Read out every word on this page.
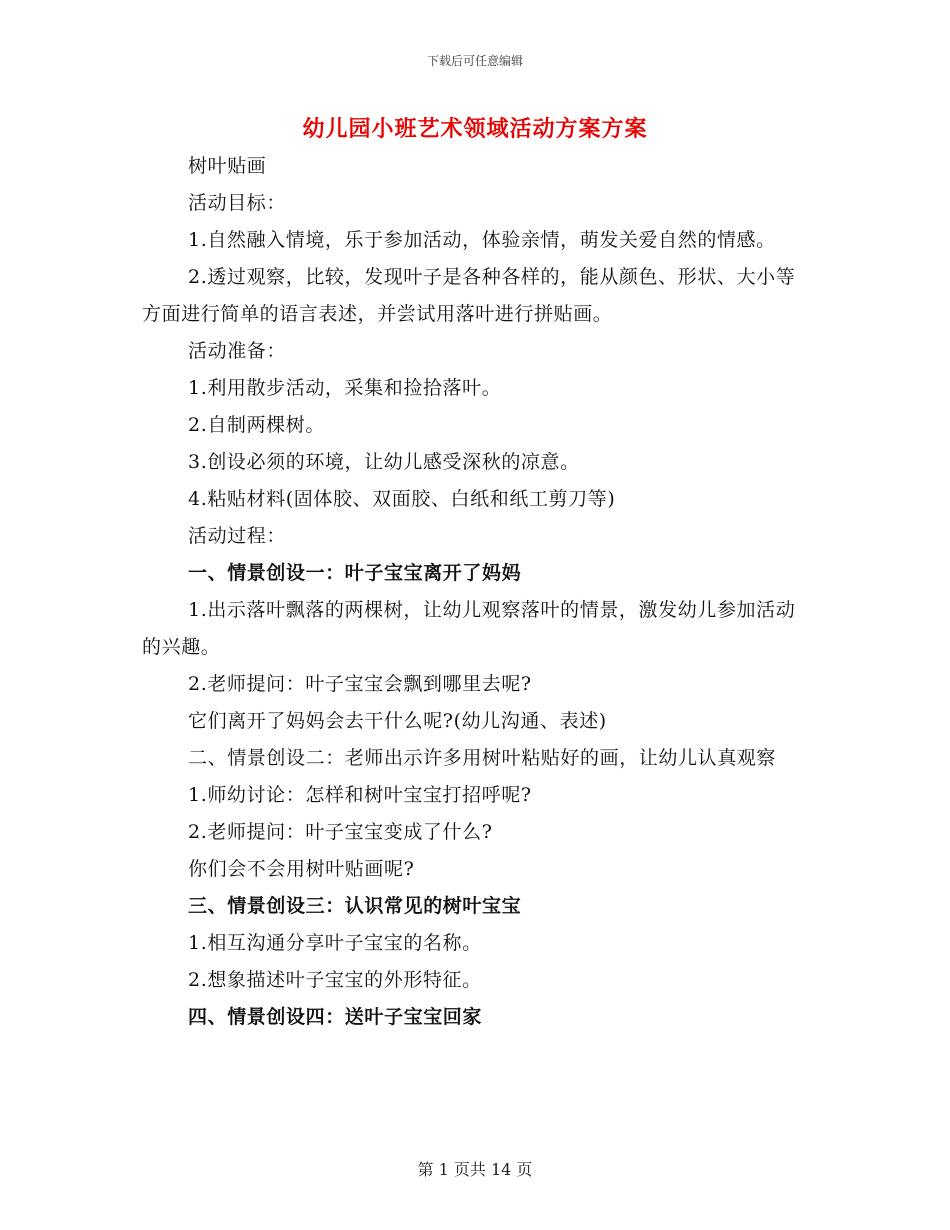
下载后可任意编辑
幼儿园小班艺术领域活动方案方案

树叶贴画

活动目标：

1.自然融入情境，乐于参加活动，体验亲情，萌发关爱自然的情感。

2.透过观察，比较，发现叶子是各种各样的，能从颜色、形状、大小等方面进行简单的语言表述，并尝试用落叶进行拼贴画。

活动准备：

1.利用散步活动，采集和捡拾落叶。

2.自制两棵树。

3.创设必须的环境，让幼儿感受深秋的凉意。

4.粘贴材料(固体胶、双面胶、白纸和纸工剪刀等)

活动过程：

一、情景创设一：叶子宝宝离开了妈妈

1.出示落叶飘落的两棵树，让幼儿观察落叶的情景，激发幼儿参加活动的兴趣。

2.老师提问：叶子宝宝会飘到哪里去呢?

它们离开了妈妈会去干什么呢?(幼儿沟通、表述)

二、情景创设二：老师出示许多用树叶粘贴好的画，让幼儿认真观察

1.师幼讨论：怎样和树叶宝宝打招呼呢?

2.老师提问：叶子宝宝变成了什么?

你们会不会用树叶贴画呢?

三、情景创设三：认识常见的树叶宝宝

1.相互沟通分享叶子宝宝的名称。

2.想象描述叶子宝宝的外形特征。

四、情景创设四：送叶子宝宝回家

第 1 页共 14 页
